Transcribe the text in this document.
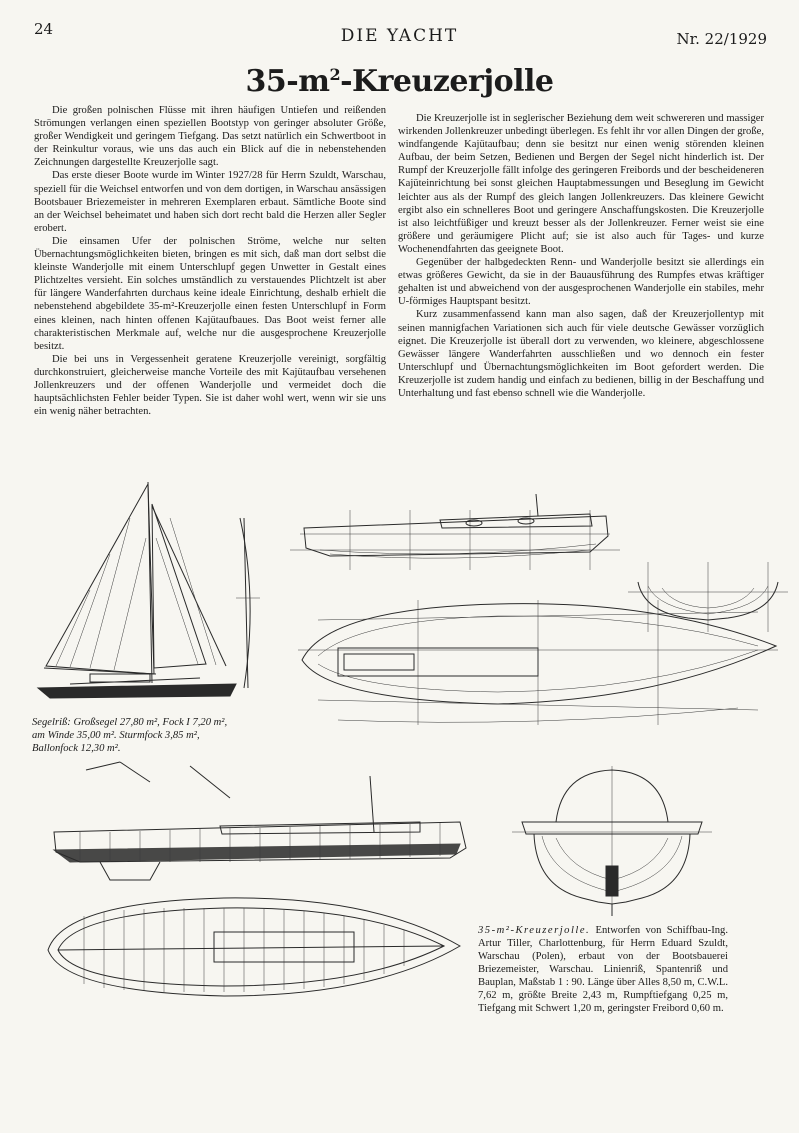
24	DIE YACHT	Nr. 22/1929
$35-m^2$-Kreuzerjolle

Die großen polnischen Flüsse mit ihren häufigen Untiefen und reißenden Strömungen verlangen einen speziellen Bootstyp von geringer absoluter Größe, großer Wendigkeit und geringem Tiefgang. Das setzt natürlich ein Schwertboot in der Reinkultur voraus, wie uns das auch ein Blick auf die in nebenstehenden Zeichnungen dargestellte Kreuzerjolle sagt.

Das erste dieser Boote wurde im Winter 1927/28 für Herrn Szuldt, Warschau, speziell für die Weichsel entworfen und von dem dortigen, in Warschau ansässigen Bootsbauer Briezemeister in mehreren Exemplaren erbaut. Sämtliche Boote sind an der Weichsel beheimatet und haben sich dort recht bald die Herzen aller Segler erobert.

Die einsamen Ufer der polnischen Ströme, welche nur selten Übernachtungsmöglichkeiten bieten, bringen es mit sich, daß man dort selbst die kleinste Wanderjolle mit einem Unterschlupf gegen Unwetter in Gestalt eines Plichtzeltes versieht. Ein solches umständlich zu verstauendes Plichtzelt ist aber für längere Wanderfahrten durchaus keine ideale Einrichtung, deshalb erhielt die nebenstehend abgebildete 35-m²-Kreuzerjolle einen festen Unterschlupf in Form eines kleinen, nach hinten offenen Kajütaufbaues. Das Boot weist ferner alle charakteristischen Merkmale auf, welche nur die ausgesprochene Kreuzerjolle besitzt.

Die bei uns in Vergessenheit geratene Kreuzerjolle vereinigt, sorgfältig durchkonstruiert, gleicherweise manche Vorteile des mit Kajütaufbau versehenen Jollenkreuzers und der offenen Wanderjolle und vermeidet doch die hauptsächlichsten Fehler beider Typen. Sie ist daher wohl wert, wenn wir sie uns ein wenig näher betrachten.

Die Kreuzerjolle ist in seglerischer Beziehung dem weit schwereren und massiger wirkenden Jollenkreuzer unbedingt überlegen. Es fehlt ihr vor allen Dingen der große, windfangende Kajütaufbau; denn sie besitzt nur einen wenig störenden kleinen Aufbau, der beim Setzen, Bedienen und Bergen der Segel nicht hinderlich ist. Der Rumpf der Kreuzerjolle fällt infolge des geringeren Freibords und der bescheideneren Kajüteinrichtung bei sonst gleichen Hauptabmessungen und Beseglung im Gewicht leichter aus als der Rumpf des gleich langen Jollenkreuzers. Das kleinere Gewicht ergibt also ein schnelleres Boot und geringere Anschaffungskosten. Die Kreuzerjolle ist also leichtfüßiger und kreuzt besser als der Jollenkreuzer. Ferner weist sie eine größere und geräumigere Plicht auf; sie ist also auch für Tages- und kurze Wochenendfahrten das geeignete Boot.

Gegenüber der halbgedeckten Renn- und Wanderjolle besitzt sie allerdings ein etwas größeres Gewicht, da sie in der Bauausführung des Rumpfes etwas kräftiger gehalten ist und abweichend von der ausgesprochenen Wanderjolle ein stabiles, mehr U-förmiges Hauptspant besitzt.

Kurz zusammenfassend kann man also sagen, daß der Kreuzerjollentyp mit seinen mannigfachen Variationen sich auch für viele deutsche Gewässer vorzüglich eignet. Die Kreuzerjolle ist überall dort zu verwenden, wo kleinere, abgeschlossene Gewässer längere Wanderfahrten ausschließen und wo dennoch ein fester Unterschlupf und Übernachtungsmöglichkeiten im Boot gefordert werden. Die Kreuzerjolle ist zudem handig und einfach zu bedienen, billig in der Beschaffung und Unterhaltung und fast ebenso schnell wie die Wanderjolle.

Segelriß: Großsegel 27,80 m², Fock I 7,20 m²,
am Winde 35,00 m². Sturmfock 3,85 m²,
Ballonfock 12,30 m².
35-m²-Kreuzerjolle. Entworfen von Schiffbau-Ing. Artur Tiller, Charlottenburg, für Herrn Eduard Szuldt, Warschau (Polen), erbaut von der Bootsbauerei Briezemeister, Warschau. Linienriß, Spantenriß und Bauplan, Maßstab 1 : 90. Länge über Alles 8,50 m, C.W.L. 7,62 m, größte Breite 2,43 m, Rumpftiefgang 0,25 m, Tiefgang mit Schwert 1,20 m, geringster Freibord 0,60 m.
